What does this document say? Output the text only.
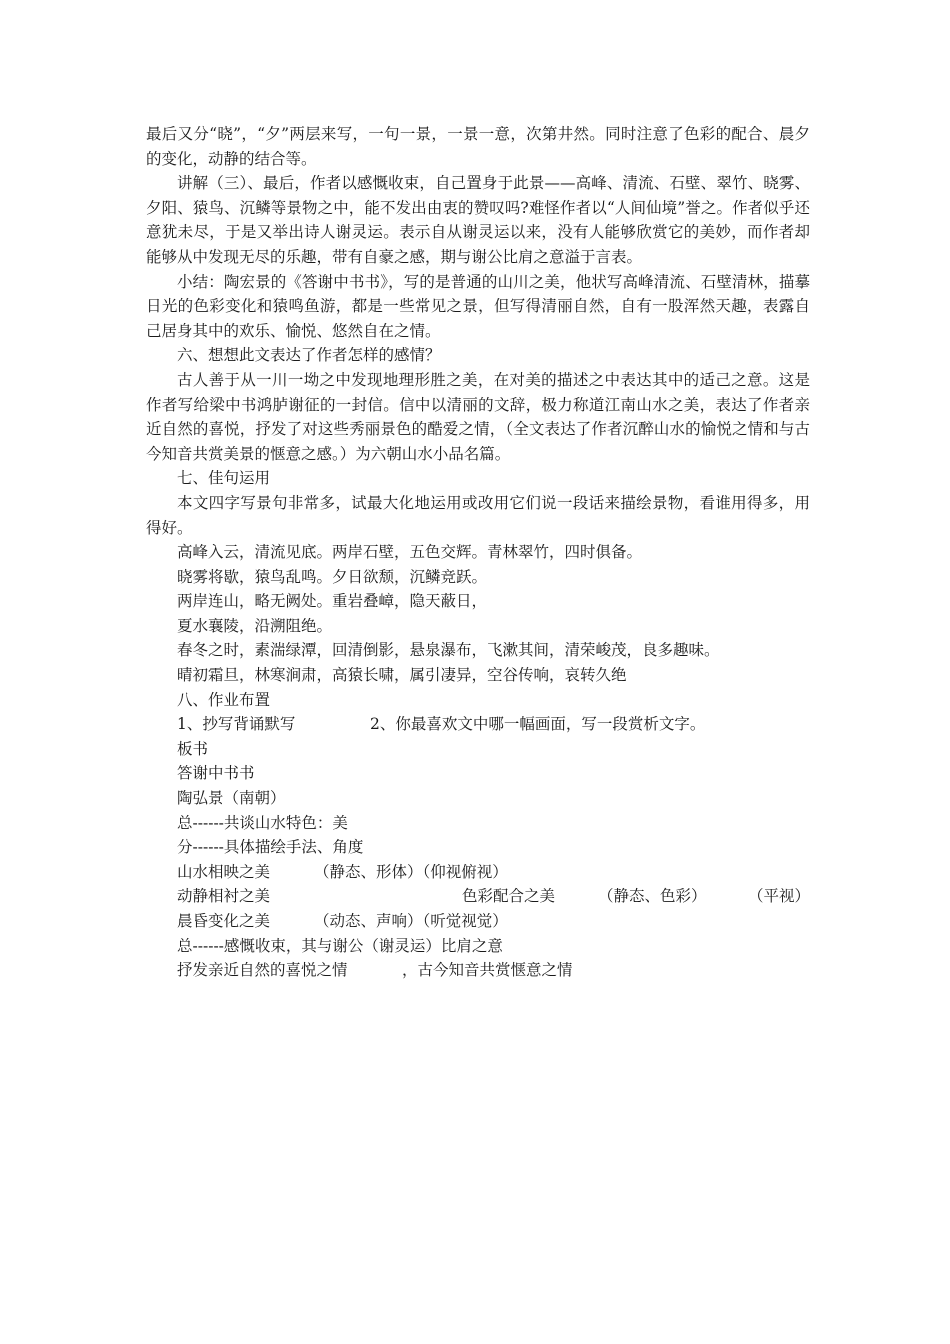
最后又分“晓”，“夕”两层来写，一句一景，一景一意，次第井然。同时注意了色彩的配合、晨夕的变化，动静的结合等。

讲解（三）、最后，作者以感慨收束，自己置身于此景——高峰、清流、石壁、翠竹、晓雾、夕阳、猿鸟、沉鳞等景物之中，能不发出由衷的赞叹吗?难怪作者以“人间仙境”誉之。作者似乎还意犹未尽，于是又举出诗人谢灵运。表示自从谢灵运以来，没有人能够欣赏它的美妙，而作者却能够从中发现无尽的乐趣，带有自豪之感，期与谢公比肩之意溢于言表。

小结：陶宏景的《答谢中书书》，写的是普通的山川之美，他状写高峰清流、石壁清林，描摹日光的色彩变化和猿鸣鱼游，都是一些常见之景，但写得清丽自然，自有一股浑然天趣，表露自己居身其中的欢乐、愉悦、悠然自在之情。

六、想想此文表达了作者怎样的感情？

古人善于从一川一坳之中发现地理形胜之美，在对美的描述之中表达其中的适己之意。这是作者写给梁中书鸿胪谢征的一封信。信中以清丽的文辞，极力称道江南山水之美，表达了作者亲近自然的喜悦，抒发了对这些秀丽景色的酷爱之情，（全文表达了作者沉醉山水的愉悦之情和与古今知音共赏美景的惬意之感。）为六朝山水小品名篇。

七、佳句运用

本文四字写景句非常多，试最大化地运用或改用它们说一段话来描绘景物，看谁用得多，用得好。

高峰入云，清流见底。两岸石壁，五色交辉。青林翠竹，四时俱备。

晓雾将歇，猿鸟乱鸣。夕日欲颓，沉鳞竞跃。

两岸连山，略无阙处。重岩叠嶂，隐天蔽日，

夏水襄陵，沿溯阻绝。

春冬之时，素湍绿潭，回清倒影，悬泉瀑布，飞漱其间，清荣峻茂，良多趣味。

晴初霜旦，林寒涧肃，高猿长啸，属引凄异，空谷传响，哀转久绝

八、作业布置

1、抄写背诵默写	2、你最喜欢文中哪一幅画面，写一段赏析文字。

板书

答谢中书书

陶弘景（南朝）

总------共谈山水特色：美

分------具体描绘手法、角度

山水相映之美	（静态、形体）（仰视俯视）

动静相衬之美	色彩配合之美	（静态、色彩）	（平视）

晨昏变化之美	（动态、声响）（听觉视觉）

总------感慨收束，其与谢公（谢灵运）比肩之意

抒发亲近自然的喜悦之情	，古今知音共赏惬意之情
